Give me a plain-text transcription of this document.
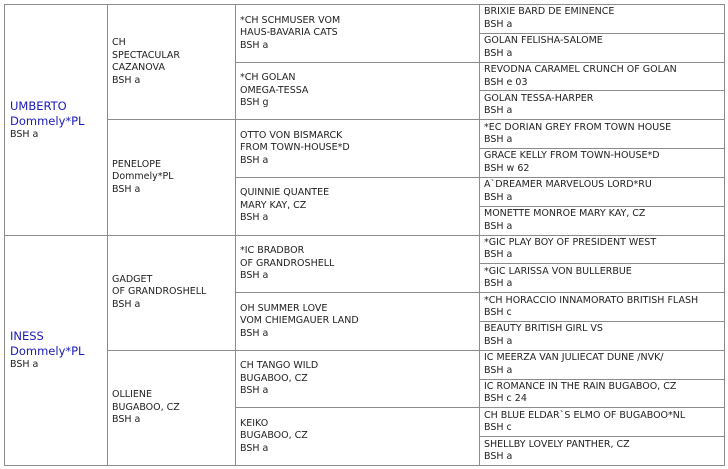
UMBERTO
Dommely*PL
BSH a	CH
SPECTACULAR
CAZANOVA
BSH a	*CH SCHMUSER VOM
HAUS-BAVARIA CATS
BSH a	BRIXIE BARD DE EMINENCE
BSH a

			GOLAN FELISHA-SALOME
BSH a

		*CH GOLAN
OMEGA-TESSA
BSH g	REVODNA CARAMEL CRUNCH OF GOLAN
BSH e 03

			GOLAN TESSA-HARPER
BSH a

	PENELOPE
Dommely*PL
BSH a	OTTO VON BISMARCK
FROM TOWN-HOUSE*D
BSH a	*EC DORIAN GREY FROM TOWN HOUSE
BSH a

			GRACE KELLY FROM TOWN-HOUSE*D
BSH w 62

		QUINNIE QUANTEE
MARY KAY, CZ
BSH a	A`DREAMER MARVELOUS LORD*RU
BSH a

			MONETTE MONROE MARY KAY, CZ
BSH a

INESS
Dommely*PL
BSH a	GADGET
OF GRANDROSHELL
BSH a	*IC BRADBOR
OF GRANDROSHELL
BSH a	*GIC PLAY BOY OF PRESIDENT WEST
BSH a

			*GIC LARISSA VON BULLERBUE
BSH a

		OH SUMMER LOVE
VOM CHIEMGAUER LAND
BSH a	*CH HORACCIO INNAMORATO BRITISH FLASH
BSH c

			BEAUTY BRITISH GIRL VS
BSH a

	OLLIENE
BUGABOO, CZ
BSH a	CH TANGO WILD
BUGABOO, CZ
BSH a	IC MEERZA VAN JULIECAT DUNE /NVK/
BSH a

			IC ROMANCE IN THE RAIN BUGABOO, CZ
BSH c 24

		KEIKO
BUGABOO, CZ
BSH a	CH BLUE ELDAR`S ELMO OF BUGABOO*NL
BSH c

			SHELLBY LOVELY PANTHER, CZ
BSH a
